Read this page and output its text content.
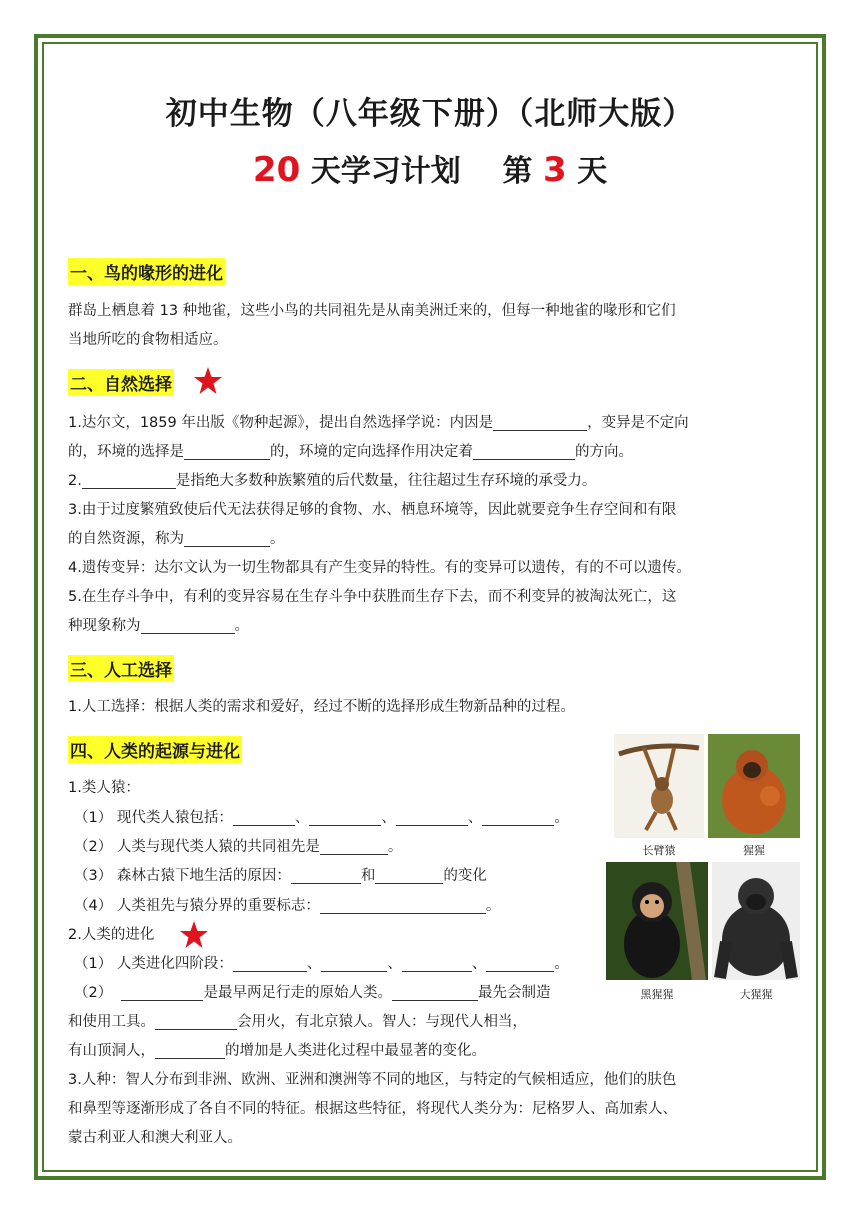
初中生物（八年级下册）（北师大版）
20 天学习计划 第 3 天
一、鸟的喙形的进化
群岛上栖息着 13 种地雀，这些小鸟的共同祖先是从南美洲迁来的，但每一种地雀的喙形和它们
当地所吃的食物相适应。
二、自然选择
1.达尔文，1859 年出版《物种起源》，提出自然选择学说：内因是	，变异是不定向
的，环境的选择是	的，环境的定向选择作用决定着	的方向。
2.	是指绝大多数种族繁殖的后代数量，往往超过生存环境的承受力。
3.由于过度繁殖致使后代无法获得足够的食物、水、栖息环境等，因此就要竞争生存空间和有限
的自然资源，称为	。
4.遗传变异：达尔文认为一切生物都具有产生变异的特性。有的变异可以遗传，有的不可以遗传。
5.在生存斗争中，有利的变异容易在生存斗争中获胜而生存下去，而不利变异的被淘汰死亡，这
种现象称为	。
三、人工选择
1.人工选择：根据人类的需求和爱好，经过不断的选择形成生物新品种的过程。
四、人类的起源与进化
1.类人猿：
（1） 现代类人猿包括：	、	、	、	。
（2） 人类与现代类人猿的共同祖先是	。
（3） 森林古猿下地生活的原因：	和	的变化
（4） 人类祖先与猿分界的重要标志：	。
2.人类的进化
（1） 人类进化四阶段：	、	、	、	。
（2）	是最早两足行走的原始人类。	最先会制造
和使用工具。	会用火，有北京猿人。智人：与现代人相当，
有山顶洞人，	的增加是人类进化过程中最显著的变化。
3.人种：智人分布到非洲、欧洲、亚洲和澳洲等不同的地区，与特定的气候相适应，他们的肤色
和鼻型等逐渐形成了各自不同的特征。根据这些特征，将现代人类分为：尼格罗人、高加索人、
蒙古利亚人和澳大利亚人。
长臂猿	猩猩
黑猩猩	大猩猩
